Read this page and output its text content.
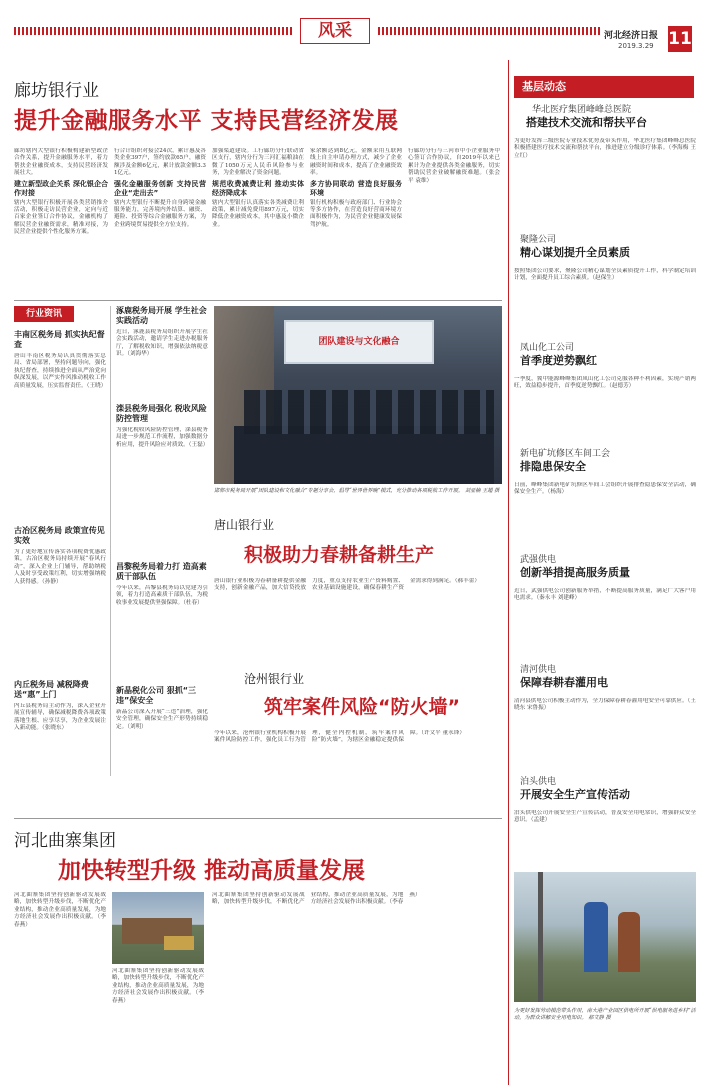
风采	河北经济日报
2019.3.29 11
廊坊银行业
提升金融服务水平 支持民营经济发展
廊坊辖内大型银行积极构建新型政企合作关系，提升金融服务水平，着力帮扶企业融资成本，支持民营经济发展壮大。

建立新型政企关系 深化银企合作对接
辖内大型银行积极开展各类营销推介活动，积极走访民营企业，定向与近百家企业签订合作协议，金融机构了解民营企业融资需求，精准对接，为民营企业提供个性化服务方案。
行合计组织对接会24次，累计惠及各类企业397户，签约放款65户，融资额涉及金额6亿元，累计放款金额3.31亿元。

强化金融服务创新 支持民营企业“走出去”
辖内大型银行不断提升自身跨境金融服务能力，完善境内外结算、融资、避险、投资等综合金融服务方案，为企业跨境贸易提供全方位支持。
加强渠道建设。工行廊坊分行联动省区支行，辖内分行为三河汇福粮油在微了1050万元人民币风险参与业务，为企业解决了资金问题。

规范收费减费让利 推动实体经济降成本
辖内大型银行认真落实各类减费让利政策，累计减免费用897万元，切实降低企业融资成本，其中惠及小微企业。
家余额达到8亿元，金额采用互联网线上自主申请办理方式，减少了企业融资时间和成本，提高了企业融资效率。

多方协同联动 营造良好服务环境
银行机构积极与政府部门、行业协会等多方协作，在营造良好营商环境方面积极作为，为民营企业健康发展保驾护航。
行廊坊分行与三河市中小企业服务中心签订合作协议，自2019年以来已累计为企业提供各类金融服务，切实帮助民营企业破解融资难题。（张会平 袁维）
行业资讯
丰南区税务局 抓实执纪督查
唐山丰南区税务局认真贯彻落实总局、省局部署，坚持问题导向，强化执纪督查，持续推进全面从严治党向纵深发展，以严实作风推动税收工作高质量发展，压实监督责任。（王晓）
古冶区税务局 政策宣传见实效
为了更好地宣传落实各项税费优惠政策，古冶区税务局持续开展“春风行动”，深入企业上门辅导，帮助纳税人及时享受政策红利，切实增强纳税人获得感。（孙静）
内丘税务局 减税降费送“惠”上门
内丘县税务局主动作为，深入企业开展宣传辅导，确保减税降费各项政策落地生根、应享尽享，为企业发展注入新动能。（张晓东）
涿鹿税务局开展 学生社会实践活动
近日，涿鹿县税务局组织开展学生社会实践活动，邀请学生走进办税服务厅，了解税收知识，增强依法纳税意识。（刘海华）
滦县税务局强化 税收风险防控管理
为强化税收风险防控管理，滦县税务局进一步规范工作流程，加强数据分析应用，提升风险应对质效。（王磊）
昌黎税务局着力打 造高素质干部队伍
今年以来，昌黎县税务局以党建为引领，着力打造高素质干部队伍，为税收事业发展提供坚强保障。（杜春）
新晶税化公司 狠抓“三违”保安全
新晶公司深入开展“三违”治理，强化安全管理，确保安全生产形势持续稳定。（刘明）
团队建设与文化融合
邯郸市税务局开展“团队建设和文化融合”专题分享会，倡导“世界世界晚”模式，充分推动各项税收工作开展。 刘亚楠 王超 摄
唐山银行业
积极助力春耕备耕生产
唐山银行业积极为春耕备耕提供金融支持，创新金融产品，加大信贷投放力度，重点支持农业生产资料购置、农业基础设施建设，确保春耕生产资金需求得到满足。（郝丰蕾）
沧州银行业
筑牢案件风险“防火墙”
今年以来，沧州银行业机构积极开展案件风险防控工作，强化员工行为管理，健全内控机制，筑牢案件风险“防火墙”，为辖区金融稳定提供保障。（许文平 董永锋）
河北曲寨集团
加快转型升级 推动高质量发展
河北曲寨集团坚持创新驱动发展战略，加快转型升级步伐，不断优化产业结构，推动企业高质量发展，为地方经济社会发展作出积极贡献。（李春燕）
河北曲寨集团坚持创新驱动发展战略，加快转型升级步伐，不断优化产业结构，推动企业高质量发展，为地方经济社会发展作出积极贡献。（李春燕）
河北曲寨集团坚持创新驱动发展战略，加快转型升级步伐，不断优化产业结构，推动企业高质量发展，为地方经济社会发展作出积极贡献。（李春燕）
基层动态
华北医疗集团峰峰总医院
搭建技术交流和帮扶平台
为更好发挥三级医院专业技术优势及带头作用，华北医疗集团峰峰总医院积极搭建医疗技术交流和帮扶平台，推进建立分级诊疗体系。（李海梅 王立红）
聚隆公司
精心谋划提升全员素质
按照集团公司要求，聚隆公司精心谋划全员素质提升工作，科学制定培训计划，全面提升员工综合素质。（赵保生）
凤山化工公司
首季度逆势飘红
一季度，冀中能源峰峰集团凤山化工公司克服各种不利因素，实现产销两旺，效益稳步提升，首季度逆势飘红。（赵德芳）
新电矿坑修区车间工会
排隐患保安全
日前，峰峰集团新电矿坑修区车间工会组织开展排查隐患保安全活动，确保安全生产。（杨海）
武强供电
创新举措提高服务质量
近日，武强供电公司创新服务举措，不断提高服务质量，满足广大客户用电需求。（秦永丰 刘建峰）
清河供电
保障春耕春灌用电
清河县供电公司积极主动作为，全力保障春耕春灌用电安全可靠供应。（王晓东 宋鲁振）
泊头供电
开展安全生产宣传活动
泊头供电公司开展安全生产宣传活动，普及安全用电常识，增强群众安全意识。（孟建）
为更好发挥劳动模范带头作用，南大港产业园区供电所开展“供电服务进乡村”活动，为群众讲解安全用电知识。 郝文静 摄
